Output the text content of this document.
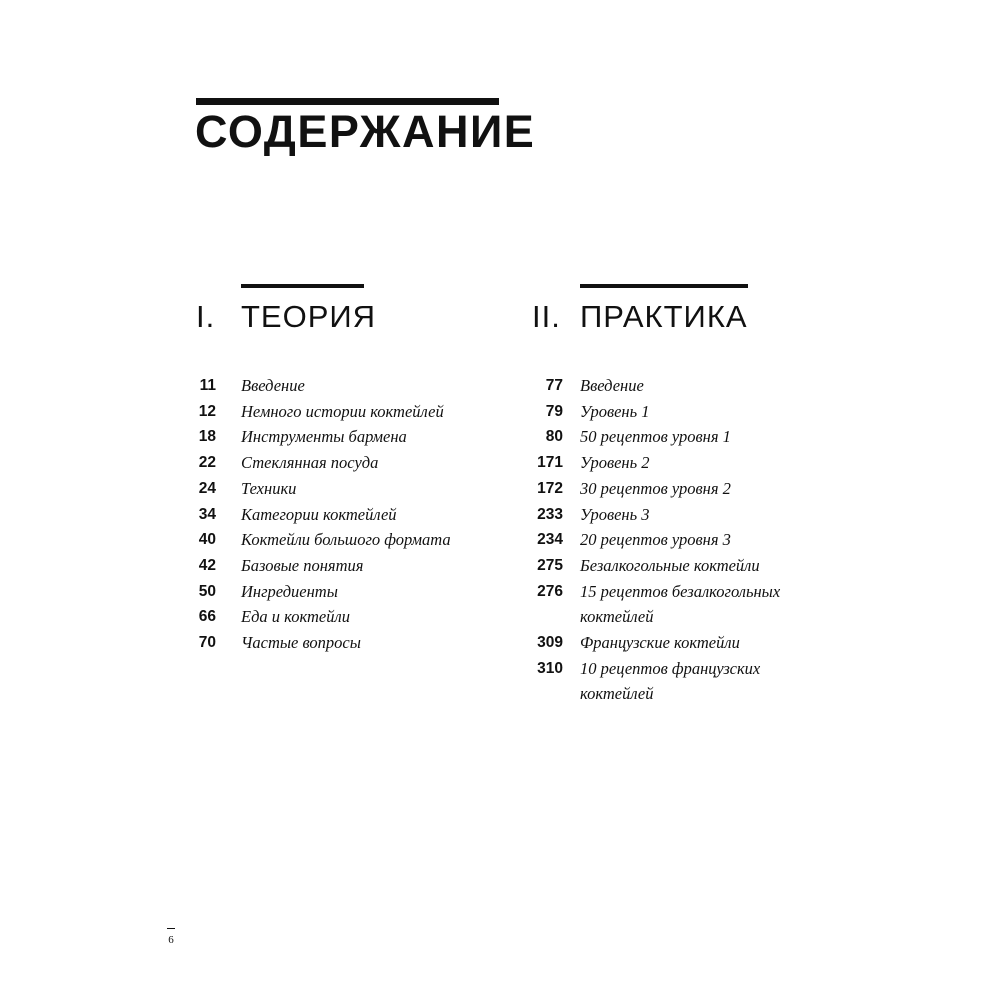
СОДЕРЖАНИЕ
I. ТЕОРИЯ
11 Введение
12 Немного истории коктейлей
18 Инструменты бармена
22 Стеклянная посуда
24 Техники
34 Категории коктейлей
40 Коктейли большого формата
42 Базовые понятия
50 Ингредиенты
66 Еда и коктейли
70 Частые вопросы
II. ПРАКТИКА
77 Введение
79 Уровень 1
80 50 рецептов уровня 1
171 Уровень 2
172 30 рецептов уровня 2
233 Уровень 3
234 20 рецептов уровня 3
275 Безалкогольные коктейли
276 15 рецептов безалкогольных коктейлей
309 Французские коктейли
310 10 рецептов французских коктейлей
6
